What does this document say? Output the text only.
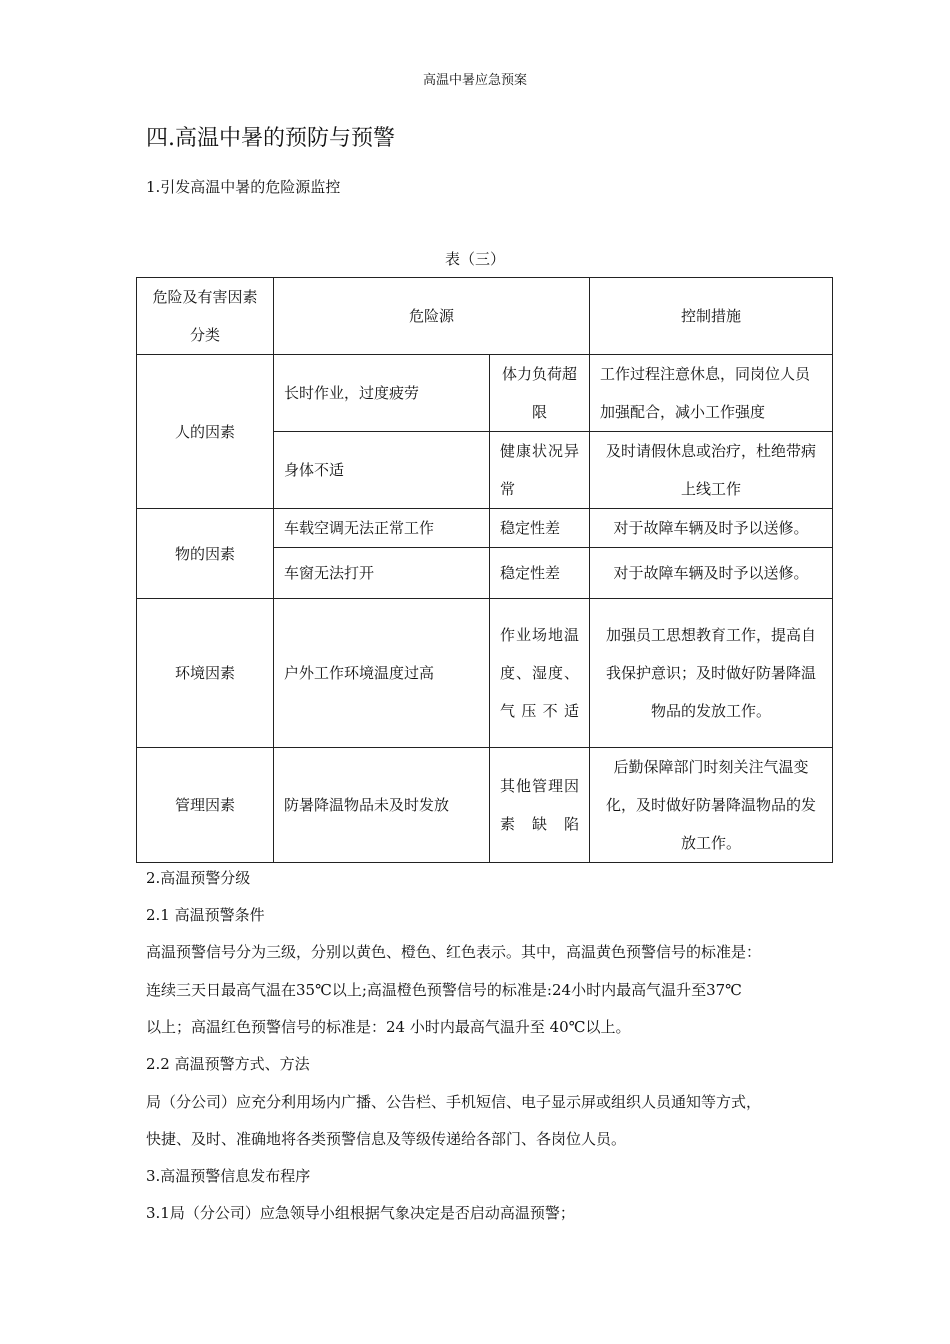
高温中暑应急预案
四.高温中暑的预防与预警
1.引发高温中暑的危险源监控
表（三）
危险及有害因素分类	危险源		控制措施
人的因素	长时作业，过度疲劳	体力负荷超限	工作过程注意休息，同岗位人员加强配合，减小工作强度
	身体不适	健康状况异常	及时请假休息或治疗，杜绝带病上线工作
物的因素	车载空调无法正常工作	稳定性差	对于故障车辆及时予以送修。
	车窗无法打开	稳定性差	对于故障车辆及时予以送修。
环境因素	户外工作环境温度过高	作业场地温度、湿度、气压不适	加强员工思想教育工作，提高自我保护意识；及时做好防暑降温物品的发放工作。
管理因素	防暑降温物品未及时发放	其他管理因素缺陷	后勤保障部门时刻关注气温变化，及时做好防暑降温物品的发放工作。
2.高温预警分级
2.1 高温预警条件
高温预警信号分为三级，分别以黄色、橙色、红色表示。其中，高温黄色预警信号的标准是：
连续三天日最高气温在35℃以上;高温橙色预警信号的标准是:24小时内最高气温升至37℃
以上；高温红色预警信号的标准是：24 小时内最高气温升至 40℃以上。
2.2 高温预警方式、方法
局（分公司）应充分利用场内广播、公告栏、手机短信、电子显示屏或组织人员通知等方式，
快捷、及时、准确地将各类预警信息及等级传递给各部门、各岗位人员。
3.高温预警信息发布程序
3.1局（分公司）应急领导小组根据气象决定是否启动高温预警；
